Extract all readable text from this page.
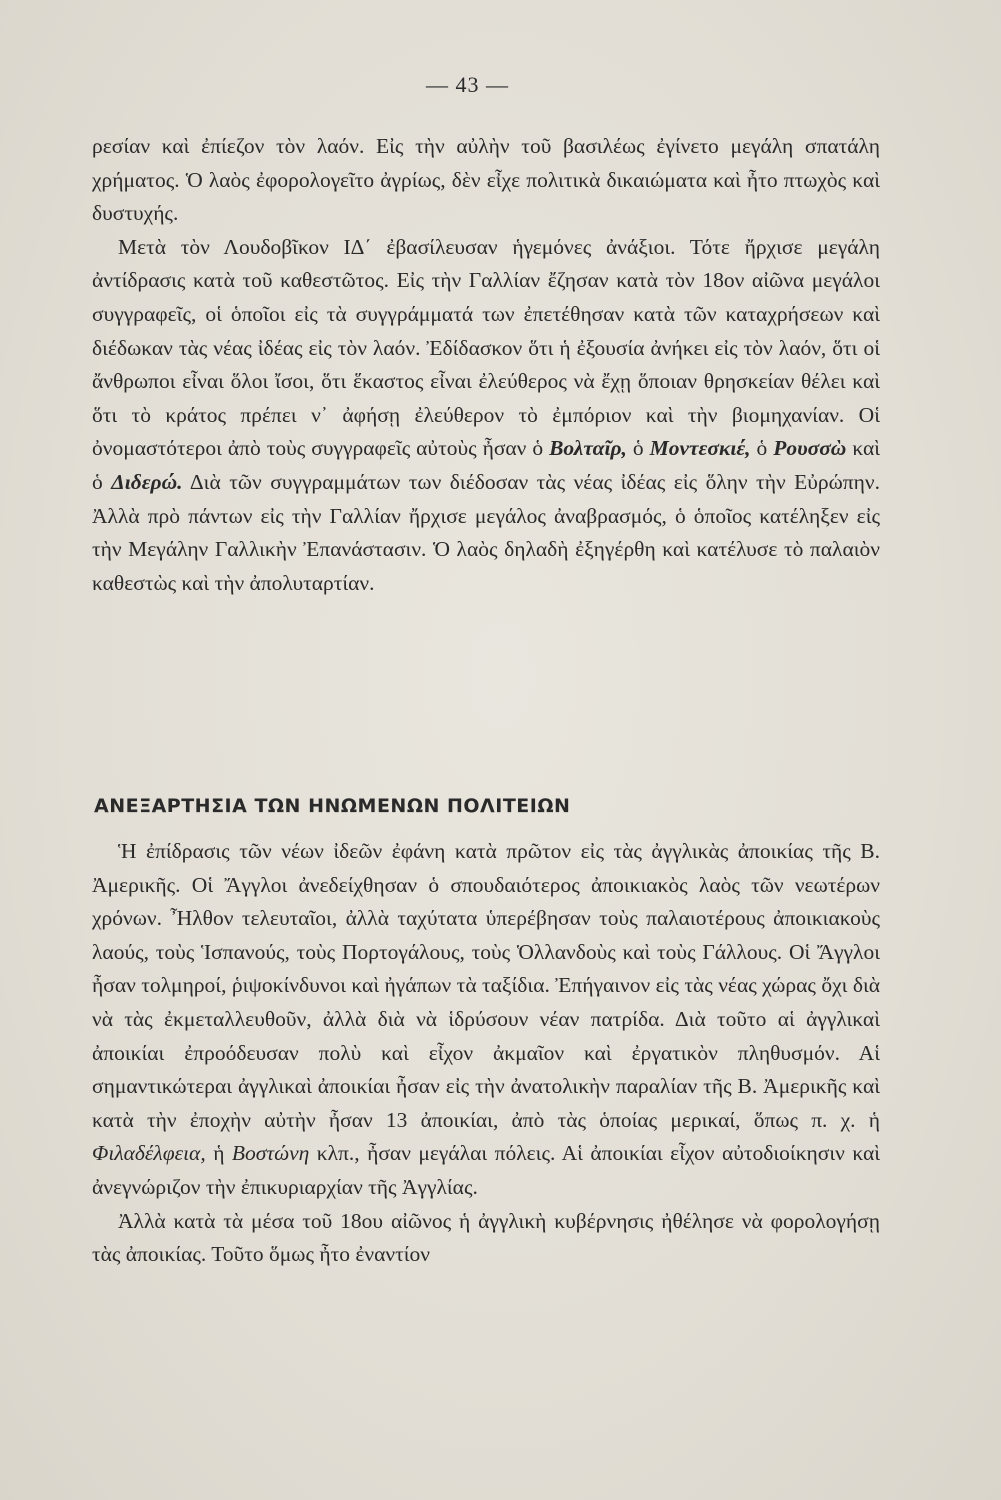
— 43 —

ρεσίαν καὶ ἐπίεζον τὸν λαόν. Εἰς τὴν αὐλὴν τοῦ βασιλέως ἐγίνετο μεγάλη σπατάλη χρήματος. Ὁ λαὸς ἐφορολογεῖτο ἀγρίως, δὲν εἶχε πολιτικὰ δικαιώματα καὶ ἦτο πτωχὸς καὶ δυστυχής.

Μετὰ τὸν Λουδοβῖκον ΙΔ΄ ἐβασίλευσαν ἡγεμόνες ἀνάξιοι. Τότε ἤρχισε μεγάλη ἀντίδρασις κατὰ τοῦ καθεστῶτος. Εἰς τὴν Γαλλίαν ἔζησαν κατὰ τὸν 18ον αἰῶνα μεγάλοι συγγραφεῖς, οἱ ὁποῖοι εἰς τὰ συγγράμματά των ἐπετέθησαν κατὰ τῶν καταχρήσεων καὶ διέδωκαν τὰς νέας ἰδέας εἰς τὸν λαόν. Ἐδίδασκον ὅτι ἡ ἐξουσία ἀνήκει εἰς τὸν λαόν, ὅτι οἱ ἄνθρωποι εἶναι ὅλοι ἴσοι, ὅτι ἕκαστος εἶναι ἐλεύθερος νὰ ἔχῃ ὅποιαν θρησκείαν θέλει καὶ ὅτι τὸ κράτος πρέπει ν᾿ ἀφήσῃ ἐλεύθερον τὸ ἐμπόριον καὶ τὴν βιομηχανίαν. Οἱ ὀνομαστότεροι ἀπὸ τοὺς συγγραφεῖς αὐτοὺς ἦσαν ὁ Βολταῖρ, ὁ Μοντεσκιέ, ὁ Ρουσσὼ καὶ ὁ Διδερώ. Διὰ τῶν συγγραμμάτων των διέδοσαν τὰς νέας ἰδέας εἰς ὅλην τὴν Εὐρώπην. Ἀλλὰ πρὸ πάντων εἰς τὴν Γαλλίαν ἤρχισε μεγάλος ἀναβρασμός, ὁ ὁποῖος κατέληξεν εἰς τὴν Μεγάλην Γαλλικὴν Ἐπανάστασιν. Ὁ λαὸς δηλαδὴ ἐξηγέρθη καὶ κατέλυσε τὸ παλαιὸν καθεστὼς καὶ τὴν ἀπολυταρτίαν.

ΑΝΕΞΑΡΤΗΣΙΑ ΤΩΝ ΗΝΩΜΕΝΩΝ ΠΟΛΙΤΕΙΩΝ

Ἡ ἐπίδρασις τῶν νέων ἰδεῶν ἐφάνη κατὰ πρῶτον εἰς τὰς ἀγγλικὰς ἀποικίας τῆς Β. Ἀμερικῆς. Οἱ Ἄγγλοι ἀνεδείχθησαν ὁ σπουδαιότερος ἀποικιακὸς λαὸς τῶν νεωτέρων χρόνων. Ἦλθον τελευταῖοι, ἀλλὰ ταχύτατα ὑπερέβησαν τοὺς παλαιοτέρους ἀποικιακοὺς λαούς, τοὺς Ἱσπανούς, τοὺς Πορτογάλους, τοὺς Ὁλλανδοὺς καὶ τοὺς Γάλλους. Οἱ Ἄγγλοι ἦσαν τολμηροί, ῥιψοκίνδυνοι καὶ ἠγάπων τὰ ταξίδια. Ἐπήγαινον εἰς τὰς νέας χώρας ὄχι διὰ νὰ τὰς ἐκμεταλλευθοῦν, ἀλλὰ διὰ νὰ ἱδρύσουν νέαν πατρίδα. Διὰ τοῦτο αἱ ἀγγλικαὶ ἀποικίαι ἐπροόδευσαν πολὺ καὶ εἶχον ἀκμαῖον καὶ ἐργατικὸν πληθυσμόν. Αἱ σημαντικώτεραι ἀγγλικαὶ ἀποικίαι ἦσαν εἰς τὴν ἀνατολικὴν παραλίαν τῆς Β. Ἀμερικῆς καὶ κατὰ τὴν ἐποχὴν αὐτὴν ἦσαν 13 ἀποικίαι, ἀπὸ τὰς ὁποίας μερικαί, ὅπως π. χ. ἡ Φιλαδέλφεια, ἡ Βοστώνη κλπ., ἦσαν μεγάλαι πόλεις. Αἱ ἀποικίαι εἶχον αὐτοδιοίκησιν καὶ ἀνεγνώριζον τὴν ἐπικυριαρχίαν τῆς Ἀγγλίας.

Ἀλλὰ κατὰ τὰ μέσα τοῦ 18ου αἰῶνος ἡ ἀγγλικὴ κυβέρνησις ἠθέλησε νὰ φορολογήσῃ τὰς ἀποικίας. Τοῦτο ὅμως ἦτο ἐναντίον
